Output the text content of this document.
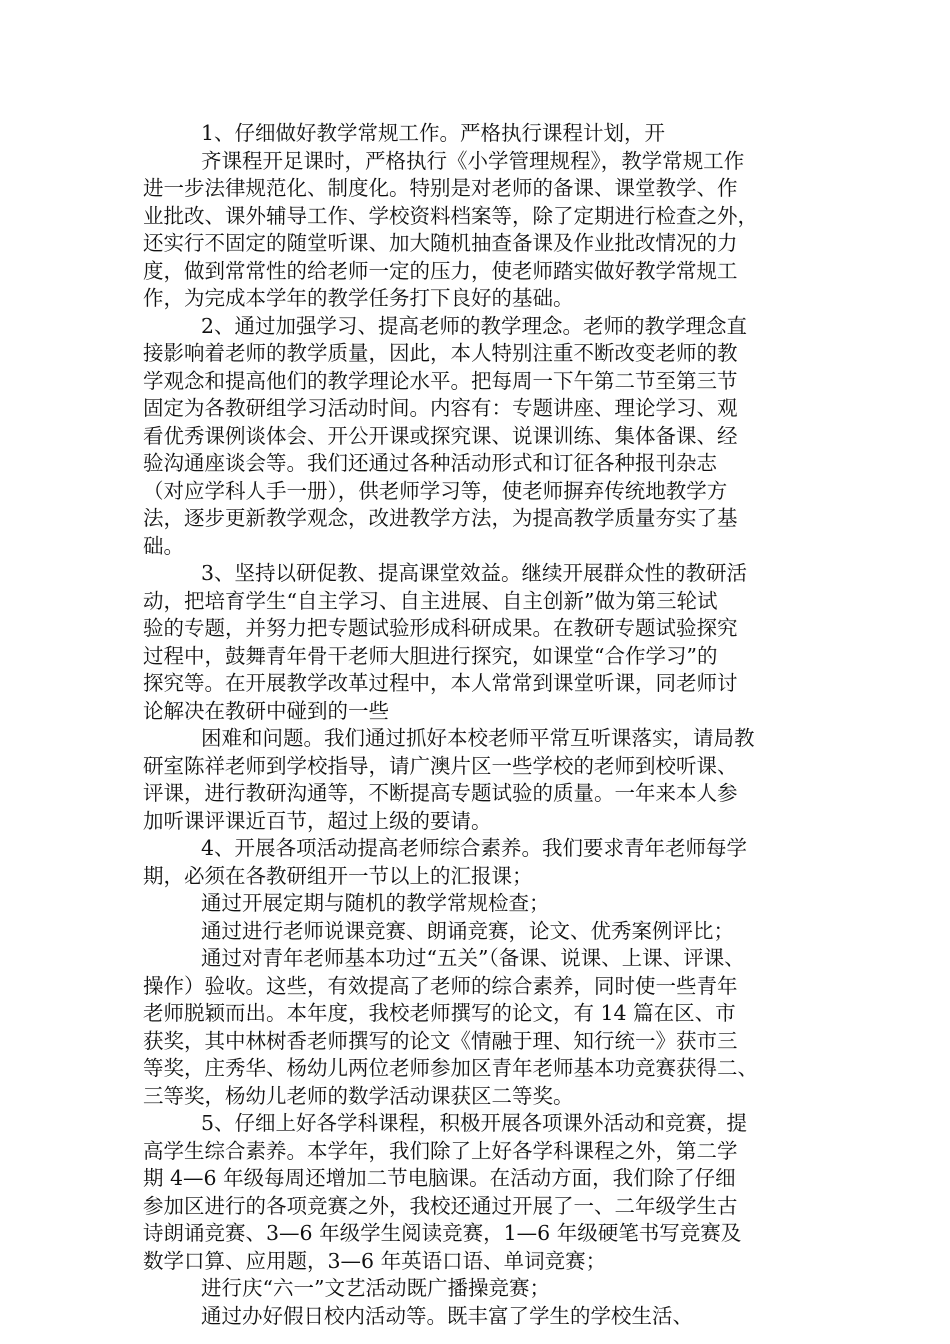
1、仔细做好教学常规工作。严格执行课程计划，开
齐课程开足课时，严格执行《小学管理规程》，教学常规工作
进一步法律规范化、制度化。特别是对老师的备课、课堂教学、作
业批改、课外辅导工作、学校资料档案等，除了定期进行检查之外，
还实行不固定的随堂听课、加大随机抽查备课及作业批改情况的力
度，做到常常性的给老师一定的压力，使老师踏实做好教学常规工
作，为完成本学年的教学任务打下良好的基础。
2、通过加强学习、提高老师的教学理念。老师的教学理念直
接影响着老师的教学质量，因此，本人特别注重不断改变老师的教
学观念和提高他们的教学理论水平。把每周一下午第二节至第三节
固定为各教研组学习活动时间。内容有：专题讲座、理论学习、观
看优秀课例谈体会、开公开课或探究课、说课训练、集体备课、经
验沟通座谈会等。我们还通过各种活动形式和订征各种报刊杂志
（对应学科人手一册），供老师学习等，使老师摒弃传统地教学方
法，逐步更新教学观念，改进教学方法，为提高教学质量夯实了基
础。
3、坚持以研促教、提高课堂效益。继续开展群众性的教研活
动，把培育学生“自主学习、自主进展、自主创新”做为第三轮试
验的专题，并努力把专题试验形成科研成果。在教研专题试验探究
过程中，鼓舞青年骨干老师大胆进行探究，如课堂“合作学习”的
探究等。在开展教学改革过程中，本人常常到课堂听课，同老师讨
论解决在教研中碰到的一些
困难和问题。我们通过抓好本校老师平常互听课落实，请局教
研室陈祥老师到学校指导，请广澳片区一些学校的老师到校听课、
评课，进行教研沟通等，不断提高专题试验的质量。一年来本人参
加听课评课近百节，超过上级的要请。
4、开展各项活动提高老师综合素养。我们要求青年老师每学
期，必须在各教研组开一节以上的汇报课；
通过开展定期与随机的教学常规检查；
通过进行老师说课竞赛、朗诵竞赛，论文、优秀案例评比；
通过对青年老师基本功过“五关”（备课、说课、上课、评课、
操作）验收。这些，有效提高了老师的综合素养，同时使一些青年
老师脱颖而出。本年度，我校老师撰写的论文，有 14 篇在区、市
获奖，其中林树香老师撰写的论文《情融于理、知行统一》获市三
等奖，庄秀华、杨幼儿两位老师参加区青年老师基本功竞赛获得二、
三等奖，杨幼儿老师的数学活动课获区二等奖。
5、仔细上好各学科课程，积极开展各项课外活动和竞赛，提
高学生综合素养。本学年，我们除了上好各学科课程之外，第二学
期 4—6 年级每周还增加二节电脑课。在活动方面，我们除了仔细
参加区进行的各项竞赛之外，我校还通过开展了一、二年级学生古
诗朗诵竞赛、3—6 年级学生阅读竞赛，1—6 年级硬笔书写竞赛及
数学口算、应用题，3—6 年英语口语、单词竞赛；
进行庆“六一”文艺活动既广播操竞赛；
通过办好假日校内活动等。既丰富了学生的学校生活、
